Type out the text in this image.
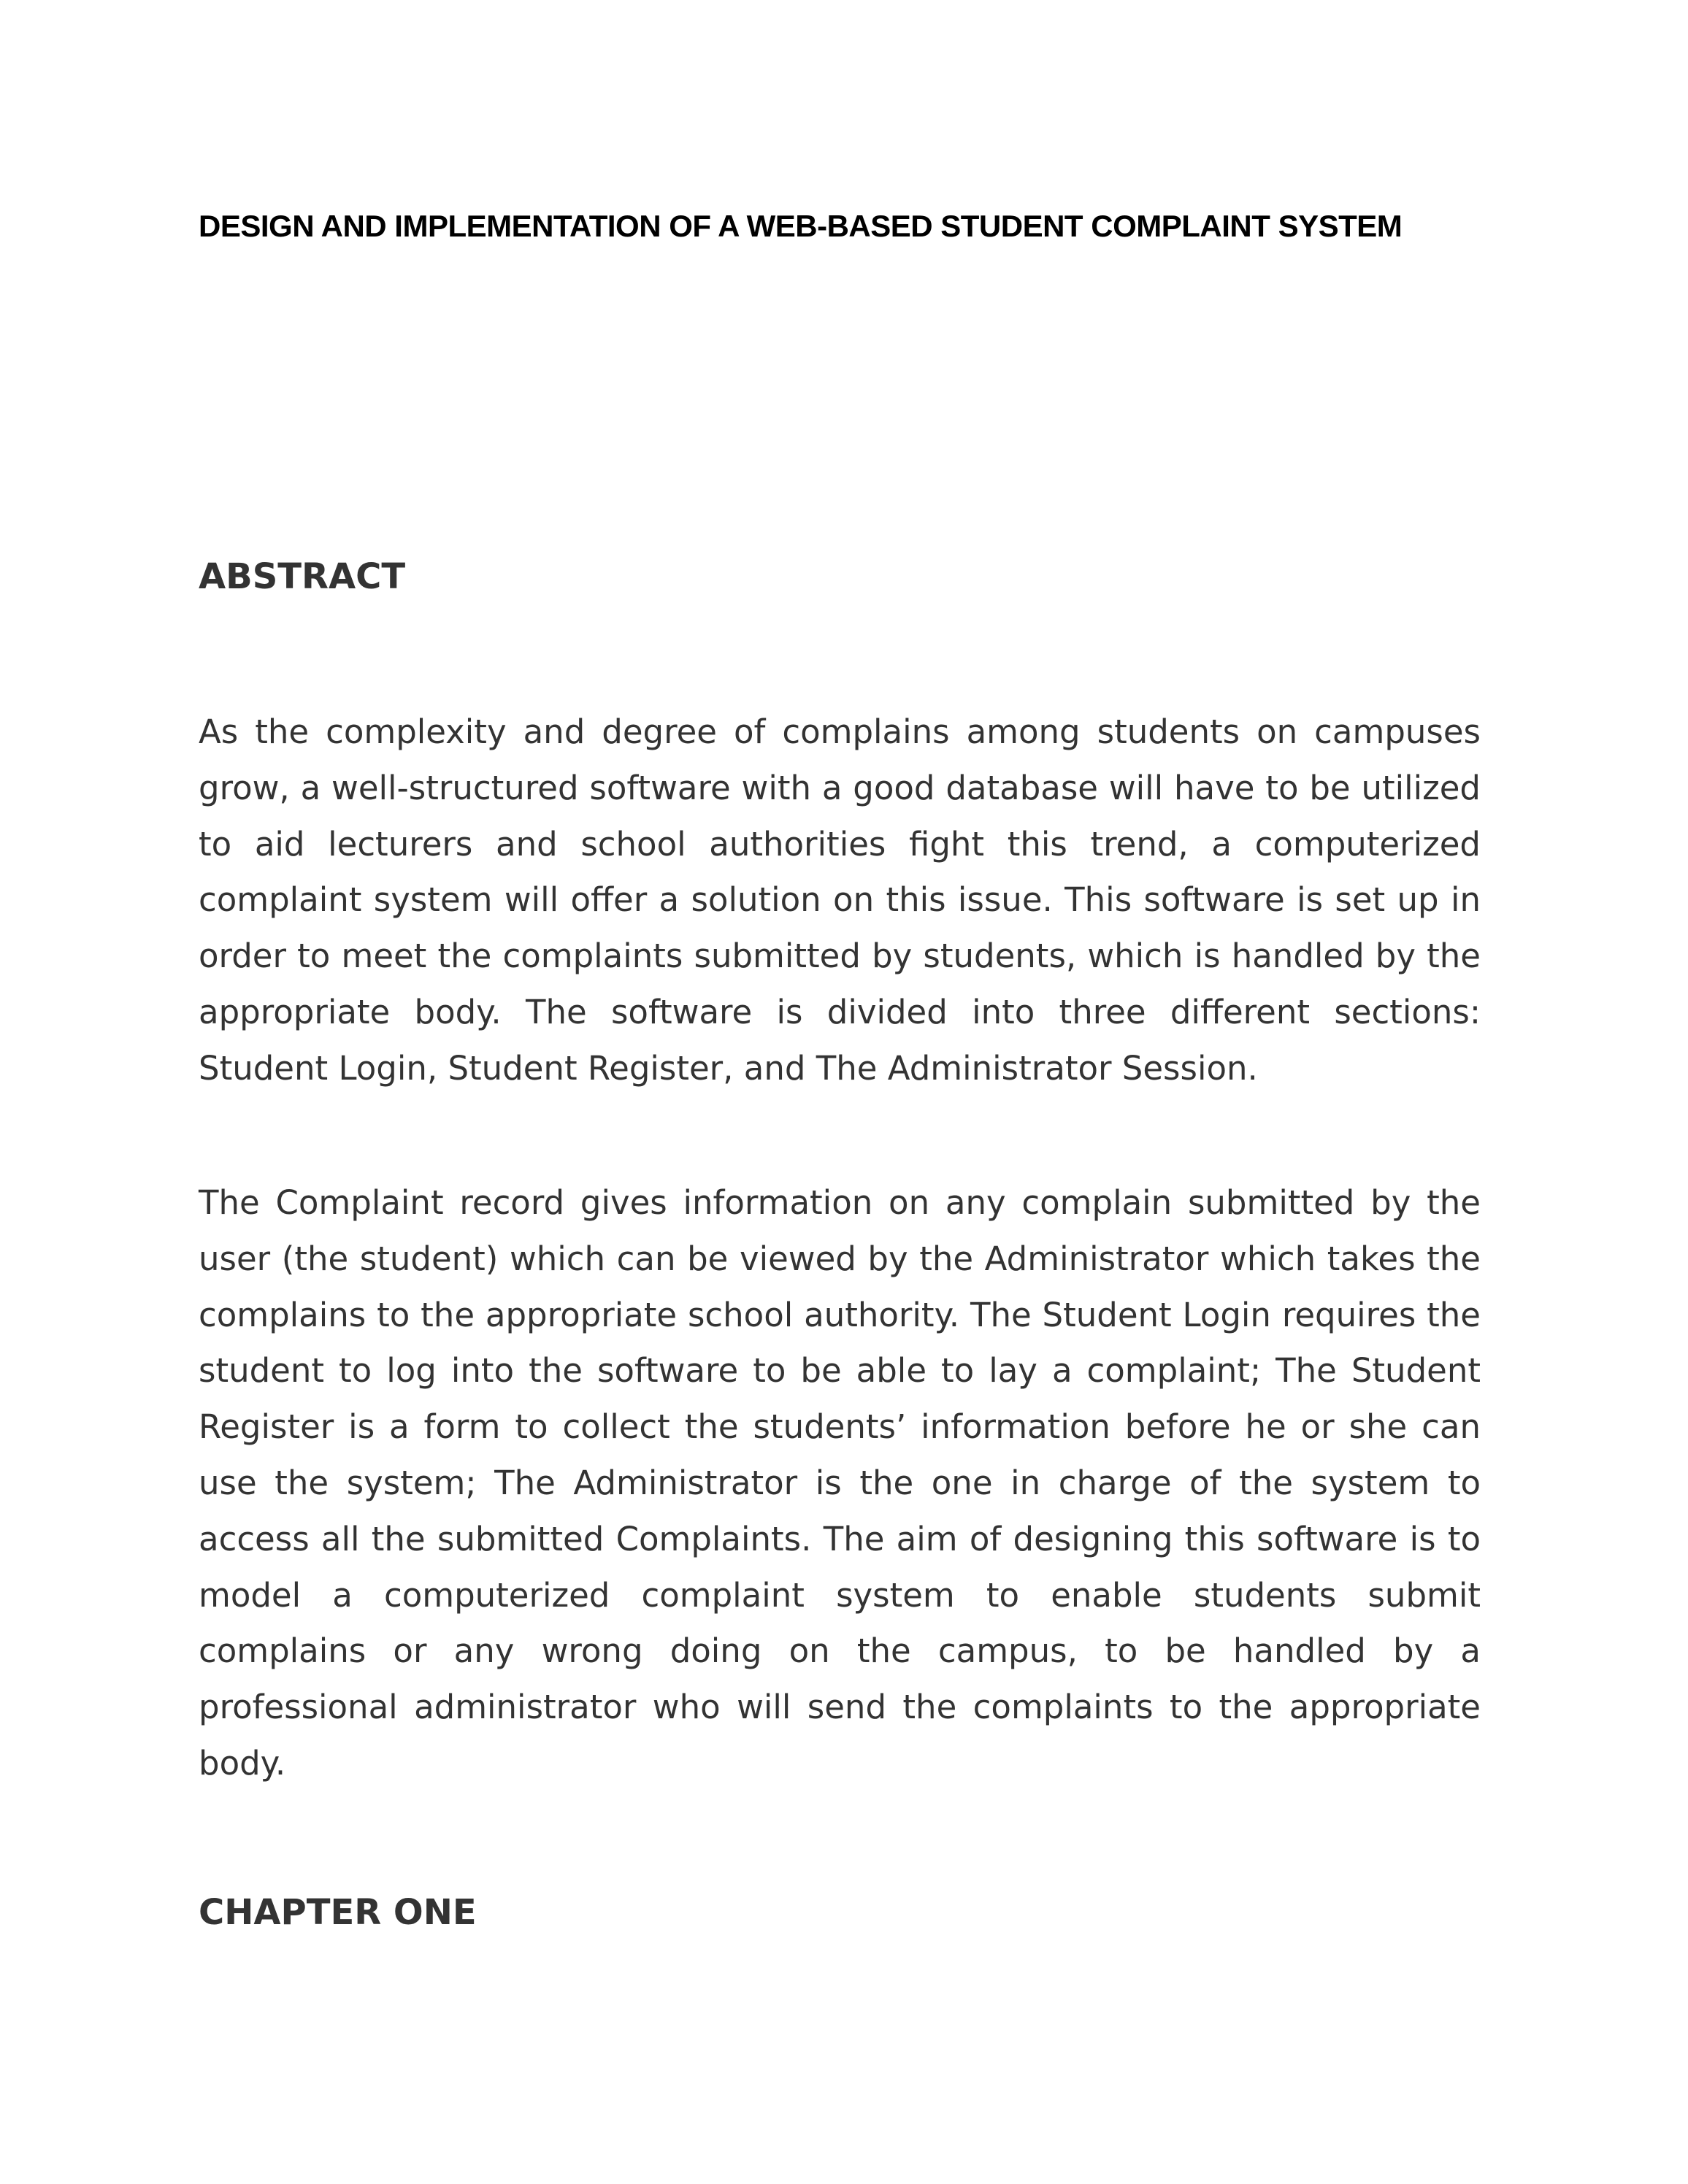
DESIGN AND IMPLEMENTATION OF A WEB-BASED STUDENT COMPLAINT SYSTEM
ABSTRACT

As the complexity and degree of complains among students on campuses grow, a well-structured software with a good database will have to be utilized to aid lecturers and school authorities fight this trend, a computerized complaint system will offer a solution on this issue. This software is set up in order to meet the complaints submitted by students, which is handled by the appropriate body. The software is divided into three different sections: Student Login, Student Register, and The Administrator Session.

The Complaint record gives information on any complain submitted by the user (the student) which can be viewed by the Administrator which takes the complains to the appropriate school authority. The Student Login requires the student to log into the software to be able to lay a complaint; The Student Register is a form to collect the students’ information before he or she can use the system; The Administrator is the one in charge of the system to access all the submitted Complaints. The aim of designing this software is to model a computerized complaint system to enable students submit complains or any wrong doing on the campus, to be handled by a professional administrator who will send the complaints to the appropriate body.

CHAPTER ONE
